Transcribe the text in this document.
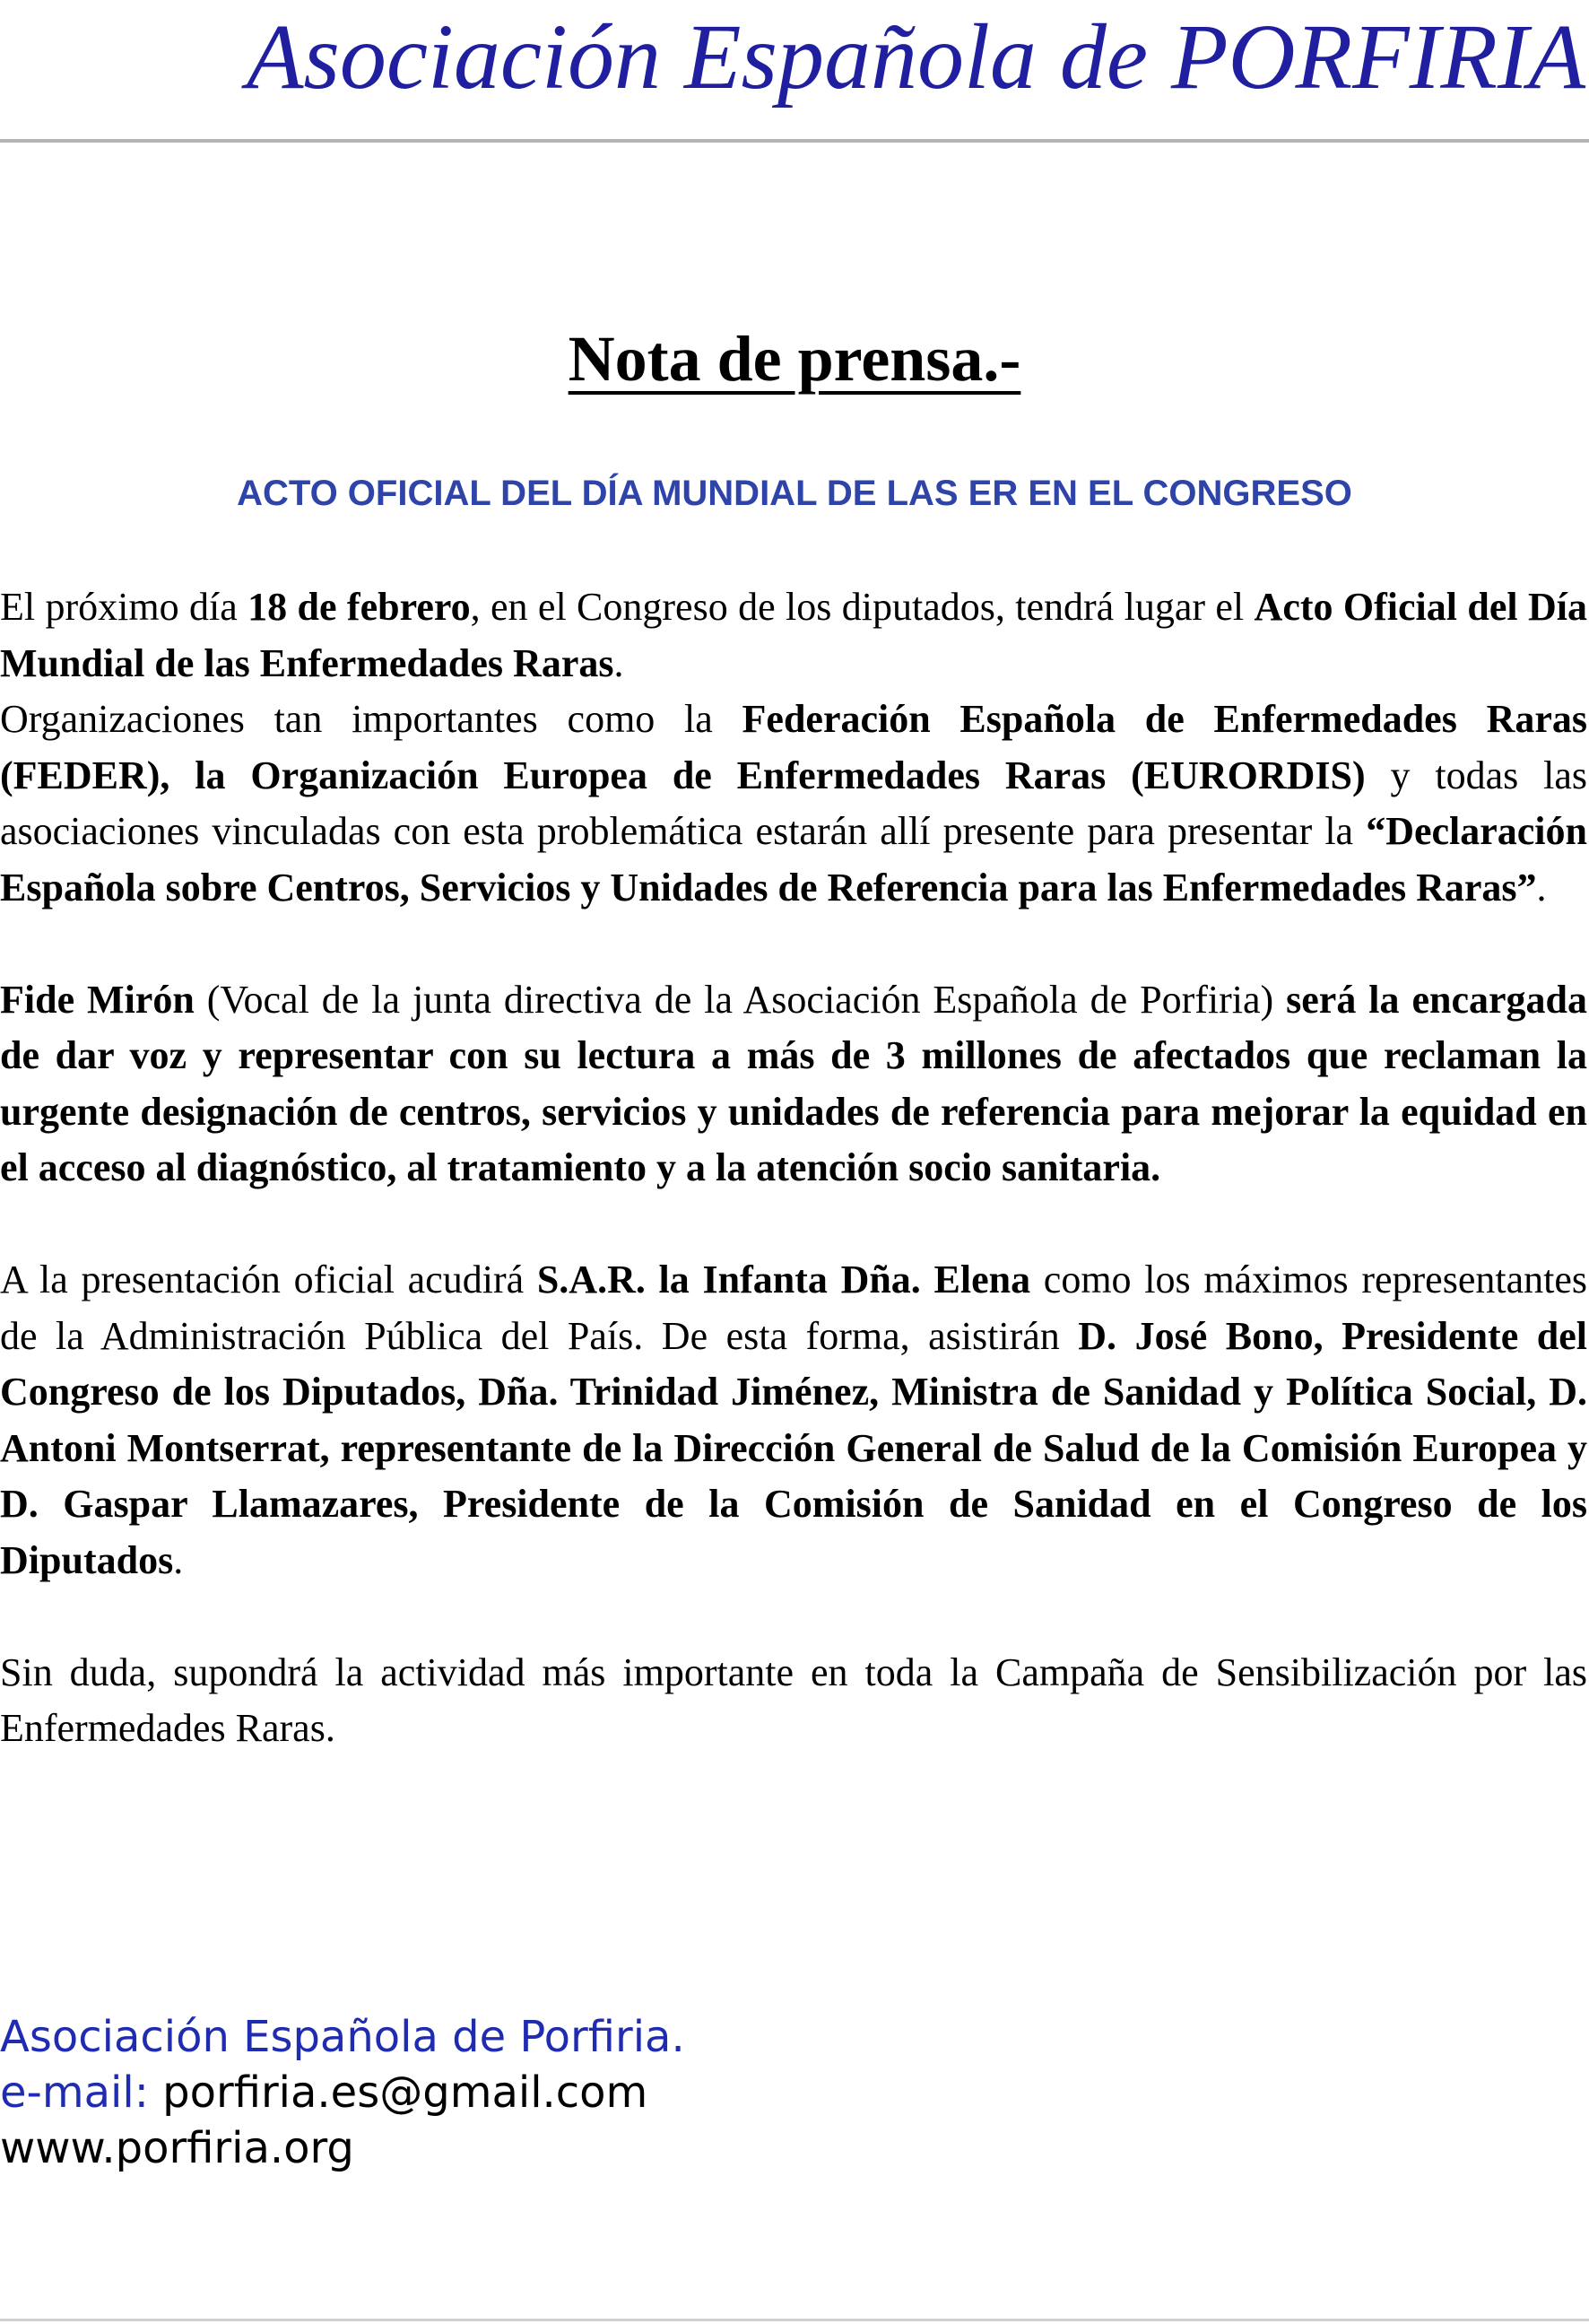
Asociación Española de PORFIRIA
Nota de prensa.-
ACTO OFICIAL DEL DÍA MUNDIAL DE LAS ER EN EL CONGRESO

El próximo día 18 de febrero, en el Congreso de los diputados, tendrá lugar el Acto Oficial del Día Mundial de las Enfermedades Raras.

Organizaciones tan importantes como la Federación Española de Enfermedades Raras (FEDER), la Organización Europea de Enfermedades Raras (EURORDIS) y todas las asociaciones vinculadas con esta problemática estarán allí presente para presentar la “Declaración Española sobre Centros, Servicios y Unidades de Referencia para las Enfermedades Raras”.

Fide Mirón (Vocal de la junta directiva de la Asociación Española de Porfiria) será la encargada de dar voz y representar con su lectura a más de 3 millones de afectados que reclaman la urgente designación de centros, servicios y unidades de referencia para mejorar la equidad en el acceso al diagnóstico, al tratamiento y a la atención socio sanitaria.

A la presentación oficial acudirá S.A.R. la Infanta Dña. Elena como los máximos representantes de la Administración Pública del País. De esta forma, asistirán D. José Bono, Presidente del Congreso de los Diputados, Dña. Trinidad Jiménez, Ministra de Sanidad y Política Social, D. Antoni Montserrat, representante de la Dirección General de Salud de la Comisión Europea y D. Gaspar Llamazares, Presidente de la Comisión de Sanidad en el Congreso de los Diputados.

Sin duda, supondrá la actividad más importante en toda la Campaña de Sensibilización por las Enfermedades Raras.

Asociación Española de Porfiria.
e-mail: porfiria.es@gmail.com
www.porfiria.org
